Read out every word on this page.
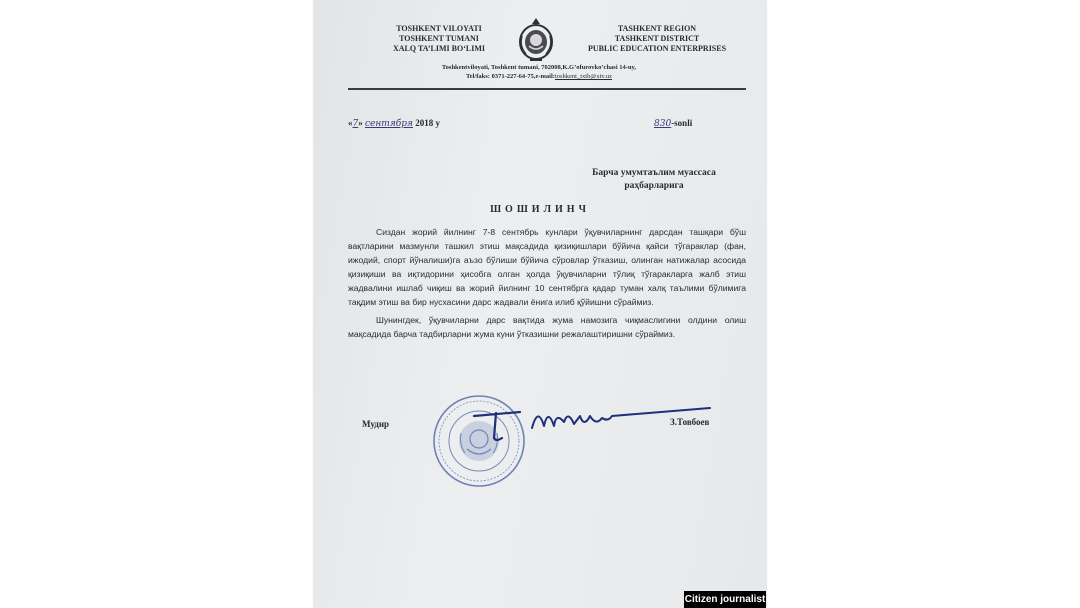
TOSHKENT VILOYATI
TOSHKENT TUMANI
XALQ TA’LIMI BO‘LIMI
TASHKENT REGION
TASHKENT DISTRICT
PUBLIC EDUCATION ENTERPRISES
Toshkentviloyati, Toshkent tumani, 702008,K.G’ofurovko’chasi 14-uy,
Tel/faks: 0371-227-64-75,e-mail:toshkent_txtb@xtv.uz
«7» сентября 2018 y	830-sonli
Барча умумтаълим муассаса
раҳбарларига
ШОШИЛИНЧ

Сиздан жорий йилнинг 7-8 сентябрь кунлари ўқувчиларнинг дарсдан ташқари бўш вақтларини мазмунли ташкил этиш мақсадида қизиқишлари бўйича қайси тўгараклар (фан, ижодий, спорт йўналиши)га аъзо бўлиши бўйича сўровлар ўтказиш, олинган натижалар асосида қизиқиши ва иқтидорини ҳисобга олган ҳолда ўқувчиларни тўлиқ тўгаракларга жалб этиш жадвалини ишлаб чиқиш ва жорий йилнинг 10 сентябрга қадар туман халқ таълими бўлимига тақдим этиш ва бир нусхасини дарс жадвали ёнига илиб қўйишни сўраймиз.

Шунингдек, ўқувчиларни дарс вақтида жума намозига чиқмаслигини олдини олиш мақсадида барча тадбирларни жума куни ўтказишни режалаштиришни сўраймиз.

Мудир	З.Товбоев
Citizen journalist
